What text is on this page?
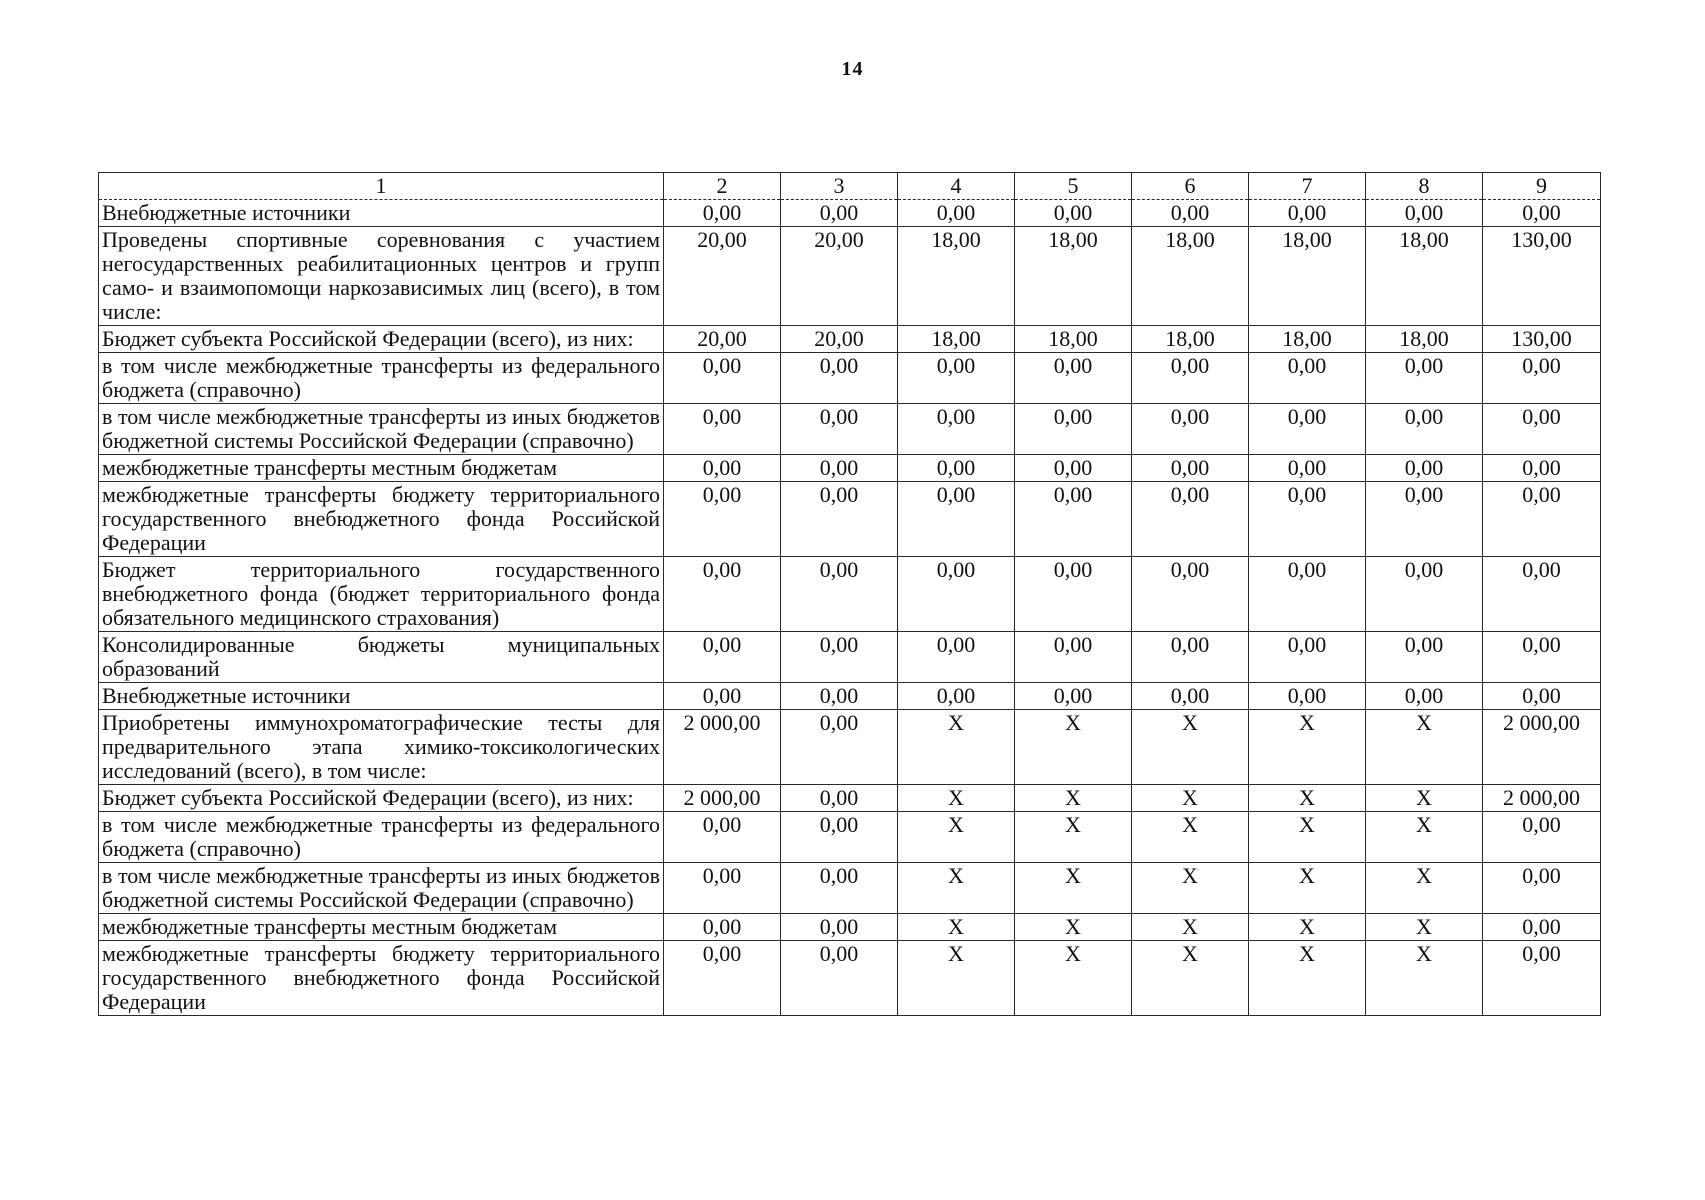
14
1	2	3	4	5	6	7	8	9
Внебюджетные источники	0,00	0,00	0,00	0,00	0,00	0,00	0,00	0,00
Проведены спортивные соревнования с участием негосударственных реабилитационных центров и групп само- и взаимопомощи наркозависимых лиц (всего), в том числе:	20,00	20,00	18,00	18,00	18,00	18,00	18,00	130,00
Бюджет субъекта Российской Федерации (всего), из них:	20,00	20,00	18,00	18,00	18,00	18,00	18,00	130,00
в том числе межбюджетные трансферты из федерального бюджета (справочно)	0,00	0,00	0,00	0,00	0,00	0,00	0,00	0,00
в том числе межбюджетные трансферты из иных бюджетов бюджетной системы Российской Федерации (справочно)	0,00	0,00	0,00	0,00	0,00	0,00	0,00	0,00
межбюджетные трансферты местным бюджетам	0,00	0,00	0,00	0,00	0,00	0,00	0,00	0,00
межбюджетные трансферты бюджету территориального государственного внебюджетного фонда Российской Федерации	0,00	0,00	0,00	0,00	0,00	0,00	0,00	0,00
Бюджет территориального государственного внебюджетного фонда (бюджет территориального фонда обязательного медицинского страхования)	0,00	0,00	0,00	0,00	0,00	0,00	0,00	0,00
Консолидированные бюджеты муниципальных образований	0,00	0,00	0,00	0,00	0,00	0,00	0,00	0,00
Внебюджетные источники	0,00	0,00	0,00	0,00	0,00	0,00	0,00	0,00
Приобретены иммунохроматографические тесты для предварительного этапа химико-токсикологических исследований (всего), в том числе:	2 000,00	0,00	X	X	X	X	X	2 000,00
Бюджет субъекта Российской Федерации (всего), из них:	2 000,00	0,00	X	X	X	X	X	2 000,00
в том числе межбюджетные трансферты из федерального бюджета (справочно)	0,00	0,00	X	X	X	X	X	0,00
в том числе межбюджетные трансферты из иных бюджетов бюджетной системы Российской Федерации (справочно)	0,00	0,00	X	X	X	X	X	0,00
межбюджетные трансферты местным бюджетам	0,00	0,00	X	X	X	X	X	0,00
межбюджетные трансферты бюджету территориального государственного внебюджетного фонда Российской Федерации	0,00	0,00	X	X	X	X	X	0,00
